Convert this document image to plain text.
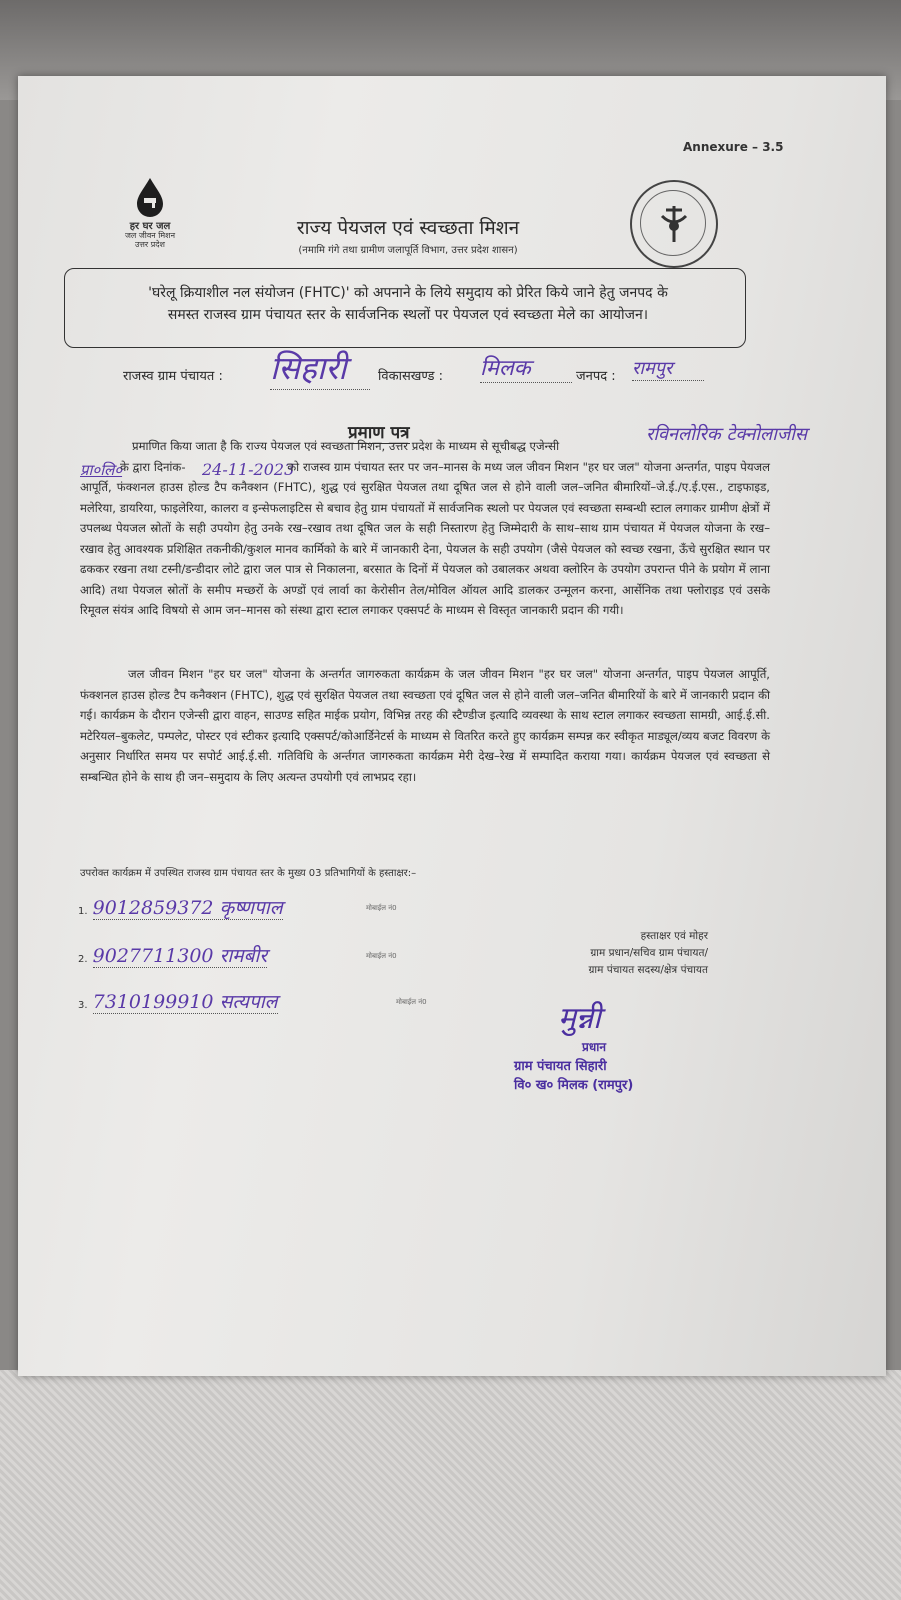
Annexure – 3.5
हर घर जल
जल जीवन मिशन
उत्तर प्रदेश
राज्य पेयजल एवं स्वच्छता मिशन
(नमामि गंगे तथा ग्रामीण जलापूर्ति विभाग, उत्तर प्रदेश शासन)
'घरेलू क्रियाशील नल संयोजन (FHTC)' को अपनाने के लिये समुदाय को प्रेरित किये जाने हेतु जनपद के
समस्त राजस्व ग्राम पंचायत स्तर के सार्वजनिक स्थलों पर पेयजल एवं स्वच्छता मेले का आयोजन।
राजस्व ग्राम पंचायत : सिहारी	विकासखण्ड : मिलक	जनपद : रामपुर
प्रमाण पत्र	रविनलोरिक टेक्नोलाजीस
प्रा०लि०	24-11-2023
प्रमाणित किया जाता है कि राज्य पेयजल एवं स्वच्छता मिशन, उत्तर प्रदेश के माध्यम से सूचीबद्ध एजेन्सी
के द्वारा दिनांक-	को राजस्व ग्राम पंचायत स्तर पर जन–मानस के मध्य जल जीवन मिशन "हर घर जल" योजना अन्तर्गत, पाइप पेयजल आपूर्ति, फंक्शनल हाउस होल्ड टैप कनैक्शन (FHTC), शुद्ध एवं सुरक्षित पेयजल तथा दूषित जल से होने वाली जल–जनित बीमारियों–जे.ई./ए.ई.एस., टाइफाइड, मलेरिया, डायरिया, फाइलेरिया, कालरा व इन्सेफलाइटिस से बचाव हेतु ग्राम पंचायतों में सार्वजनिक स्थलो पर पेयजल एवं स्वच्छता सम्बन्धी स्टाल लगाकर ग्रामीण क्षेत्रों में उपलब्ध पेयजल स्रोतों के सही उपयोग हेतु उनके रख–रखाव तथा दूषित जल के सही निस्तारण हेतु जिम्मेदारी के साथ–साथ ग्राम पंचायत में पेयजल योजना के रख–रखाव हेतु आवश्यक प्रशिक्षित तकनीकी/कुशल मानव कार्मिको के बारे में जानकारी देना, पेयजल के सही उपयोग (जैसे पेयजल को स्वच्छ रखना, ऊँचे सुरक्षित स्थान पर ढककर रखना तथा टस्नी/डन्डीदार लोटे द्वारा जल पात्र से निकालना, बरसात के दिनों में पेयजल को उबालकर अथवा क्लोरिन के उपयोग उपरान्त पीने के प्रयोग में लाना आदि) तथा पेयजल स्रोतों के समीप मच्छरों के अण्डों एवं लार्वा का केरोसीन तेल/मोविल ऑयल आदि डालकर उन्मूलन करना, आर्सेनिक तथा फ्लोराइड एवं उसके रिमूवल संयंत्र आदि विषयो से आम जन–मानस को संस्था द्वारा स्टाल लगाकर एक्सपर्ट के माध्यम से विस्तृत जानकारी प्रदान की गयी।
जल जीवन मिशन "हर घर जल" योजना के अन्तर्गत जागरुकता कार्यक्रम के जल जीवन मिशन "हर घर जल" योजना अन्तर्गत, पाइप पेयजल आपूर्ति, फंक्शनल हाउस होल्ड टैप कनैक्शन (FHTC), शुद्ध एवं सुरक्षित पेयजल तथा स्वच्छता एवं दूषित जल से होने वाली जल–जनित बीमारियों के बारे में जानकारी प्रदान की गई। कार्यक्रम के दौरान एजेन्सी द्वारा वाहन, साउण्ड सहित माईक प्रयोग, विभिन्न तरह की स्टैण्डीज इत्यादि व्यवस्था के साथ स्टाल लगाकर स्वच्छता सामग्री, आई.ई.सी. मटेरियल–बुकलेट, पम्पलेट, पोस्टर एवं स्टीकर इत्यादि एक्सपर्ट/कोआर्डिनेटर्स के माध्यम से वितरित करते हुए कार्यक्रम सम्पन्न कर स्वीकृत माड्यूल/व्यय बजट विवरण के अनुसार निर्धारित समय पर सपोर्ट आई.ई.सी. गतिविधि के अर्न्तगत जागरुकता कार्यक्रम मेरी देख–रेख में सम्पादित कराया गया। कार्यक्रम पेयजल एवं स्वच्छता से सम्बन्धित होने के साथ ही जन–समुदाय के लिए अत्यन्त उपयोगी एवं लाभप्रद रहा।
उपरोक्त कार्यक्रम में उपस्थित राजस्व ग्राम पंचायत स्तर के मुख्य 03 प्रतिभागियों के हस्ताक्षर:–
1. 9012859372 कृष्णपाल	मोबाईल नं0
2. 9027711300 रामबीर	मोबाईल नं0
3. 7310199910 सत्यपाल	मोबाईल नं0
हस्ताक्षर एवं मोहर
ग्राम प्रधान/सचिव ग्राम पंचायत/
ग्राम पंचायत सदस्य/क्षेत्र पंचायत
मुन्नी
प्रधान
ग्राम पंचायत सिहारी
वि० ख० मिलक (रामपुर)
